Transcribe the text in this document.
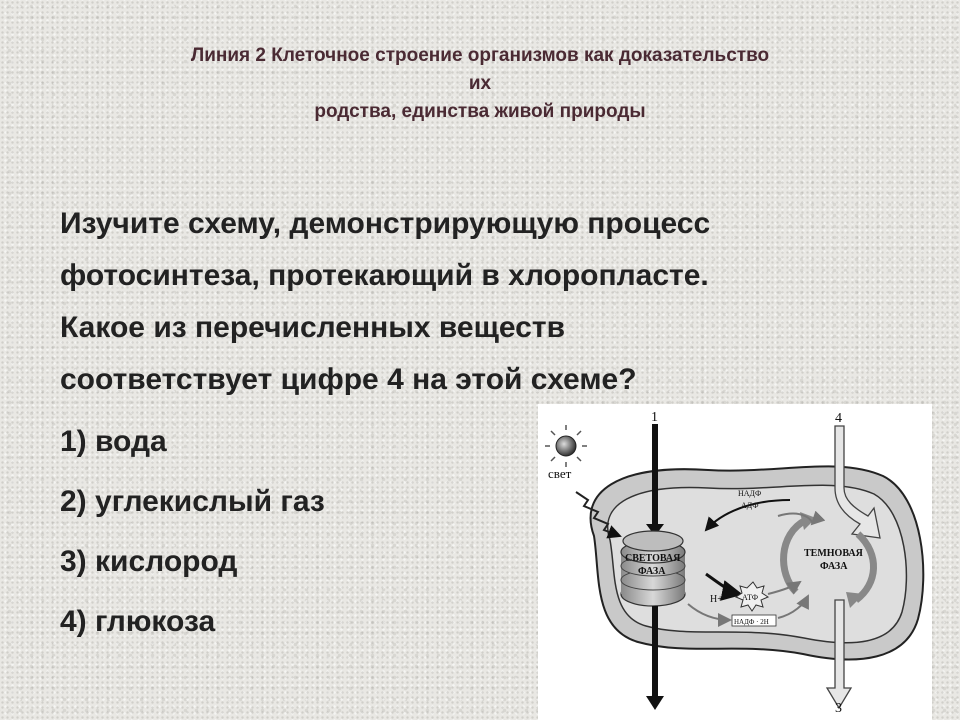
Линия 2 Клеточное строение организмов как доказательство
их
родства, единства живой природы
Изучите схему, демонстрирующую процесс
фотосинтеза, протекающий в хлоропласте.
Какое из перечисленных веществ
соответствует цифре 4 на этой схеме?
1) вода
2) углекислый газ
3) кислород
4) глюкоза
свет
1
СВЕТОВАЯ
ФАЗА
2
4
3
ТЕМНОВАЯ
ФАЗА
НАДФ
АДФ
Н+ АТФ
НАДФ · 2Н
